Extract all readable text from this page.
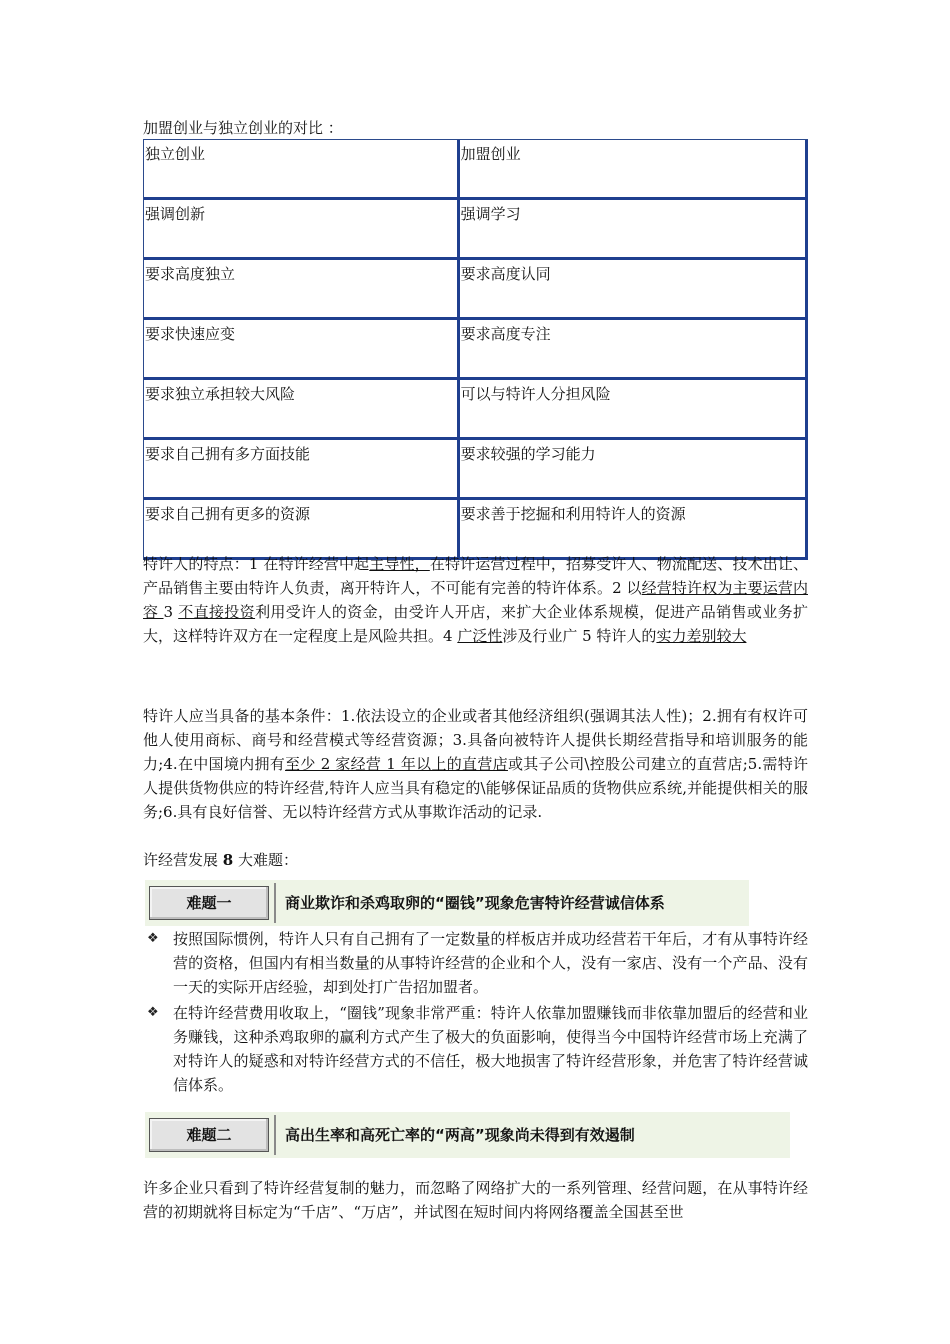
加盟创业与独立创业的对比 ：
独立创业	加盟创业
强调创新	强调学习
要求高度独立	要求高度认同
要求快速应变	要求高度专注
要求独立承担较大风险	可以与特许人分担风险
要求自己拥有多方面技能	要求较强的学习能力
要求自己拥有更多的资源	要求善于挖掘和利用特许人的资源
特许人的特点：1 在特许经营中起主导性，在特许运营过程中，招募受许人、物流配送、技术出让、产品销售主要由特许人负责，离开特许人，不可能有完善的特许体系。2 以经营特许权为主要运营内容 3 不直接投资利用受许人的资金，由受许人开店，来扩大企业体系规模，促进产品销售或业务扩大，这样特许双方在一定程度上是风险共担。4 广泛性涉及行业广 5 特许人的实力差别较大
特许人应当具备的基本条件：1.依法设立的企业或者其他经济组织(强调其法人性)；2.拥有有权许可他人使用商标、商号和经营模式等经营资源；3.具备向被特许人提供长期经营指导和培训服务的能力;4.在中国境内拥有至少 2 家经营 1 年以上的直营店或其子公司\控股公司建立的直营店;5.需特许人提供货物供应的特许经营,特许人应当具有稳定的\能够保证品质的货物供应系统,并能提供相关的服务;6.具有良好信誉、无以特许经营方式从事欺诈活动的记录.
许经营发展 8 大难题：
难题一	商业欺诈和杀鸡取卵的“圈钱”现象危害特许经营诚信体系
❖ 按照国际惯例，特许人只有自己拥有了一定数量的样板店并成功经营若干年后，才有从事特许经营的资格，但国内有相当数量的从事特许经营的企业和个人，没有一家店、没有一个产品、没有一天的实际开店经验，却到处打广告招加盟者。
❖ 在特许经营费用收取上，“圈钱”现象非常严重：特许人依靠加盟赚钱而非依靠加盟后的经营和业务赚钱，这种杀鸡取卵的赢利方式产生了极大的负面影响，使得当今中国特许经营市场上充满了对特许人的疑惑和对特许经营方式的不信任，极大地损害了特许经营形象，并危害了特许经营诚信体系。
难题二	高出生率和高死亡率的“两高”现象尚未得到有效遏制
许多企业只看到了特许经营复制的魅力，而忽略了网络扩大的一系列管理、经营问题，在从事特许经营的初期就将目标定为“千店”、“万店”，并试图在短时间内将网络覆盖全国甚至世
